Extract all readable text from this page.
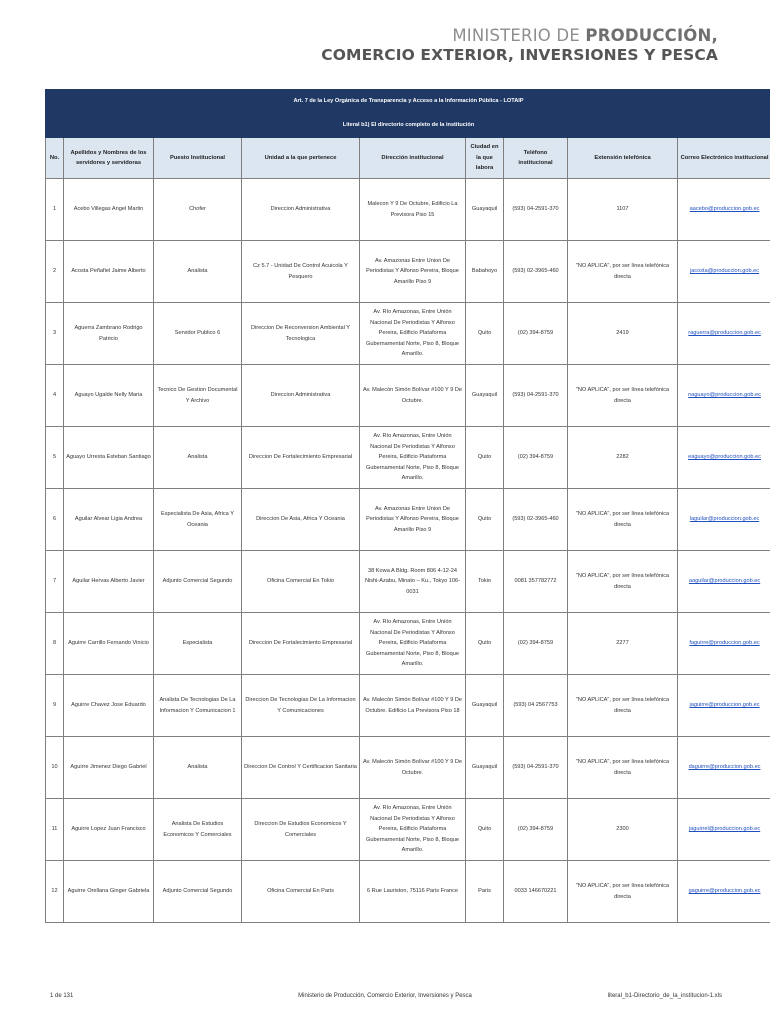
MINISTERIO DE PRODUCCIÓN,
COMERCIO EXTERIOR, INVERSIONES Y PESCA
Art. 7 de la Ley Orgánica de Transparencia y Acceso a la Información Pública - LOTAIP								
Literal b1) El directorio completo de la institución								
No.	Apellidos y Nombres de los servidores y servidoras	Puesto Institucional	Unidad a la que pertenece	Dirección institucional	Ciudad en la que labora	Teléfono institucional	Extensión telefónica	Correo Electrónico institucional
1	Acebo Villegas Angel Martin	Chofer	Direccion Administrativa	Malecon Y 9 De Octubre, Edificio La Previsora Piso 15	Guayaquil	(593) 04-2591-370	1107	aacebo@produccion.gob.ec
2	Acosta Peñafiel Jaime Alberto	Analista	Cz 5.7 - Unidad De Control Acuicola Y Pesquero	Av. Amazonas Entre Union De Periodistas Y Alfonso Pereira, Bloque Amarillo Piso 9	Babahoyo	(593) 02-3965-460	"NO APLICA", por ser línea telefónica directa	jacosta@produccion.gob.ec
3	Aguerra Zambrano Rodrigo Patricio	Servidor Publico 6	Direccion De Reconversion Ambiental Y Tecnologica	Av. Río Amazonas, Entre Unión Nacional De Periodistas Y Alfonso Pereira, Edificio Plataforma Gubernamental Norte, Piso 8, Bloque Amarillo.	Quito	(02) 394-8759	2419	raguerra@produccion.gob.ec
4	Aguayo Ugalde Nelly Maria	Tecnico De Gestion Documental Y Archivo	Direccion Administrativa	Av. Malecón Simón Bolívar #100 Y 9 De Octubre.	Guayaquil	(593) 04-2591-370	"NO APLICA", por ser línea telefónica directa	naguayo@produccion.gob.ec
5	Aguayo Urresta Esteban Santiago	Analista	Direccion De Fortalecimiento Empresarial	Av. Río Amazonas, Entre Unión Nacional De Periodistas Y Alfonso Pereira, Edificio Plataforma Gubernamental Norte, Piso 8, Bloque Amarillo.	Quito	(02) 394-8759	2282	eaguayo@produccion.gob.ec
6	Aguilar Alvear Ligia Andrea	Especialista De Asia, Africa Y Oceania	Direccion De Asia, Africa Y Oceania	Av. Amazonas Entre Union De Periodistas Y Alfonso Pereira, Bloque Amarillo Piso 9	Quito	(593) 02-3965-460	"NO APLICA", por ser línea telefónica directa	laguilar@produccion.gob.ec
7	Aguilar Hervas Alberto Javier	Adjunto Comercial Segundo	Oficina Comercial En Tokio	38 Kowa A Bldg. Room 806 4-12-24 Nishi-Azabu, Minato – Ku., Tokyo 106-0031	Tokio	0081 357782772	"NO APLICA", por ser línea telefónica directa	aaguilar@produccion.gob.ec
8	Aguirre Carrillo Fernando Vinicio	Especialista	Direccion De Fortalecimiento Empresarial	Av. Río Amazonas, Entre Unión Nacional De Periodistas Y Alfonso Pereira, Edificio Plataforma Gubernamental Norte, Piso 8, Bloque Amarillo.	Quito	(02) 394-8759	2277	faguirre@produccion.gob.ec
9	Aguirre Chavez Jose Eduardo	Analista De Tecnologias De La Informacion Y Comunicacion 1	Direccion De Tecnologias De La Informacion Y Comunicaciones	Av. Malecón Simón Bolívar #100 Y 9 De Octubre. Edificio La Previsora Piso 18	Guayaquil	(593) 04 2567753	"NO APLICA", por ser línea telefónica directa	jaguirre@produccion.gob.ec
10	Aguirre Jimenez Diego Gabriel	Analista	Direccion De Control Y Certificacion Sanitaria	Av. Malecón Simón Bolívar #100 Y 9 De Octubre.	Guayaquil	(593) 04-2591-370	"NO APLICA", por ser línea telefónica directa	daguirre@produccion.gob.ec
11	Aguirre Lopez Juan Francisco	Analista De Estudios Economicos Y Comerciales	Direccion De Estudios Economicos Y Comerciales	Av. Río Amazonas, Entre Unión Nacional De Periodistas Y Alfonso Pereira, Edificio Plataforma Gubernamental Norte, Piso 8, Bloque Amarillo.	Quito	(02) 394-8759	2300	jaguirrel@produccion.gob.ec
12	Aguirre Orellana Ginger Gabriela	Adjunto Comercial Segundo	Oficina Comercial En Paris	6 Rue Lauriston, 75116 Paris France	Paris	0033 146670221	"NO APLICA", por ser línea telefónica directa	gaguirre@produccion.gob.ec
1 de 131	Ministerio de Producción, Comercio Exterior, Inversiones y Pesca	literal_b1-Directorio_de_la_institucion-1.xls
